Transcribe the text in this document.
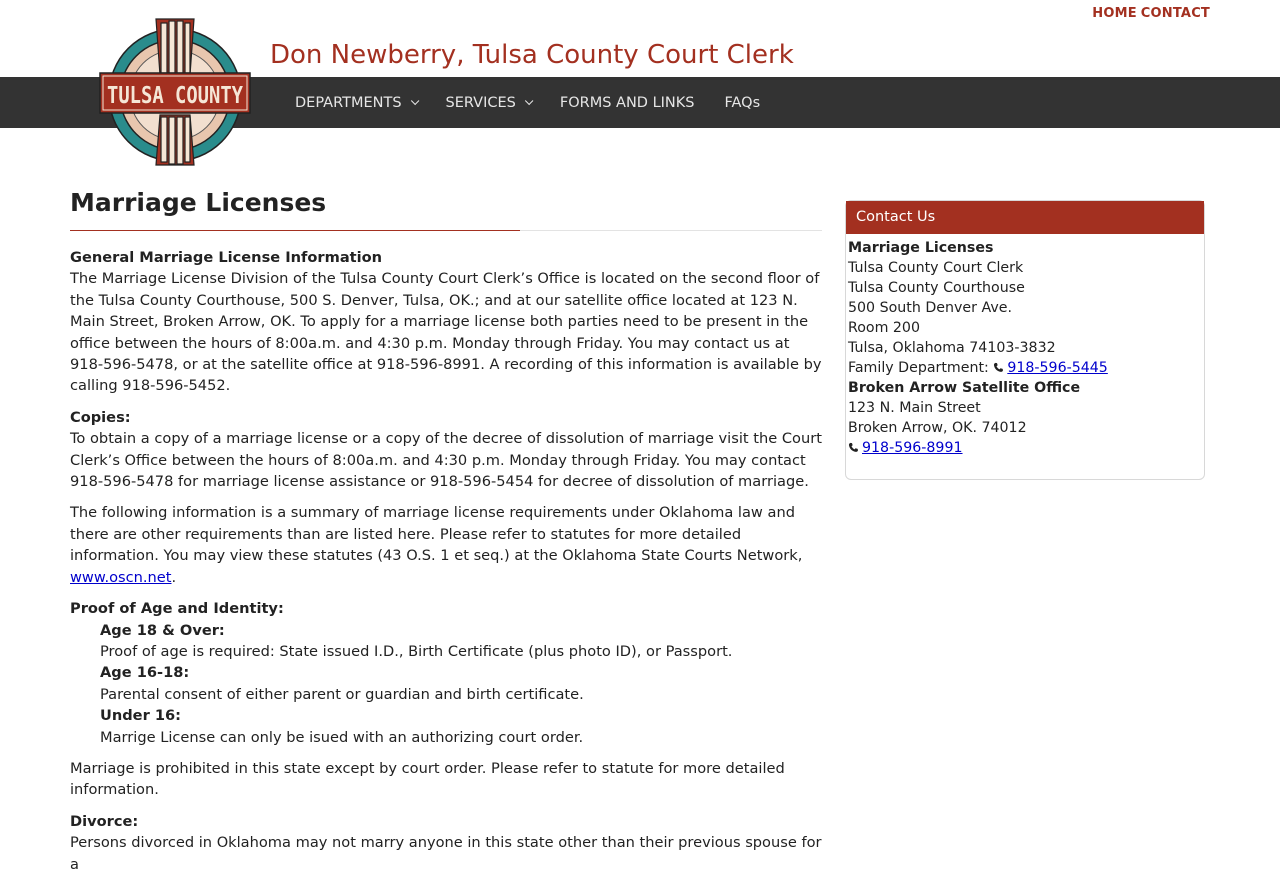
HOME CONTACT
Don Newberry, Tulsa County Court Clerk
DEPARTMENTS	SERVICES	FORMS AND LINKS FAQs
TULSA COUNTY
Marriage Licenses

General Marriage License Information
The Marriage License Division of the Tulsa County Court Clerk’s Office is located on the second floor of the Tulsa County Courthouse, 500 S. Denver, Tulsa, OK.; and at our satellite office located at 123 N. Main Street, Broken Arrow, OK. To apply for a marriage license both parties need to be present in the office between the hours of 8:00a.m. and 4:30 p.m. Monday through Friday. You may contact us at 918-596-5478, or at the satellite office at 918-596-8991. A recording of this information is available by calling 918-596-5452.

Copies:
To obtain a copy of a marriage license or a copy of the decree of dissolution of marriage visit the Court Clerk’s Office between the hours of 8:00a.m. and 4:30 p.m. Monday through Friday. You may contact 918-596-5478 for marriage license assistance or 918-596-5454 for decree of dissolution of marriage.

The following information is a summary of marriage license requirements under Oklahoma law and there are other requirements than are listed here. Please refer to statutes for more detailed information. You may view these statutes (43 O.S. 1 et seq.) at the Oklahoma State Courts Network, www.oscn.net.

Proof of Age and Identity:
Age 18 & Over:
Proof of age is required: State issued I.D., Birth Certificate (plus photo ID), or Passport.
Age 16-18:
Parental consent of either parent or guardian and birth certificate.
Under 16:
Marrige License can only be isued with an authorizing court order.

Marriage is prohibited in this state except by court order. Please refer to statute for more detailed information.

Divorce:
Persons divorced in Oklahoma may not marry anyone in this state other than their previous spouse for a

Contact Us
Marriage Licenses
Tulsa County Court Clerk
Tulsa County Courthouse
500 South Denver Ave.
Room 200
Tulsa, Oklahoma 74103-3832
Family Department: 918-596-5445
Broken Arrow Satellite Office
123 N. Main Street
Broken Arrow, OK. 74012
918-596-8991
